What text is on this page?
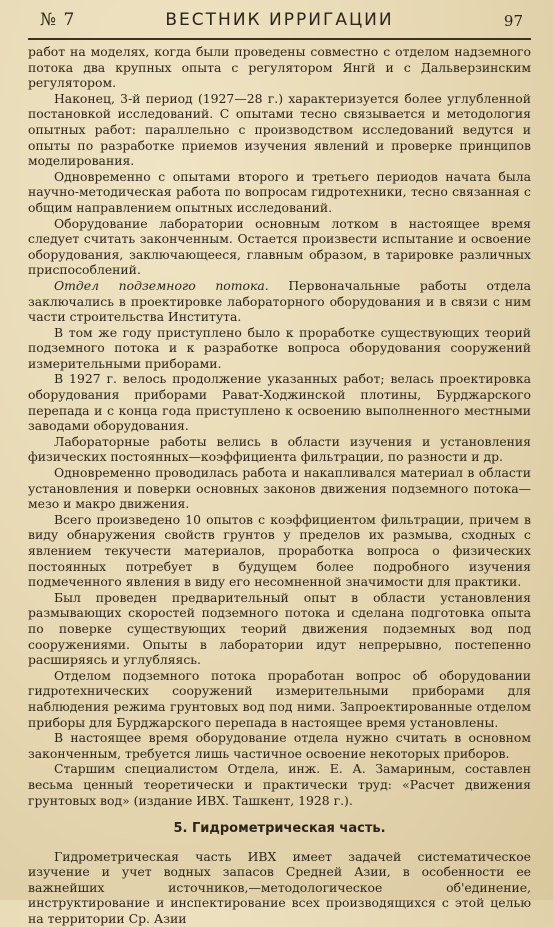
№ 7	ВЕСТНИК ИРРИГАЦИИ	97

работ на моделях, когда были проведены совместно с отделом надземного потока два крупных опыта с регулятором Янгй и с Дальверзинским регулятором.

Наконец, 3-й период (1927—28 г.) характеризуется более углубленной постановкой исследований. С опытами тесно связывается и методология опытных работ: параллельно с производством исследований ведутся и опыты по разработке приемов изучения явлений и проверке принципов моделирования.

Одновременно с опытами второго и третьего периодов начата была научно-методическая работа по вопросам гидротехники, тесно связанная с общим направлением опытных исследований.

Оборудование лаборатории основным лотком в настоящее время следует считать законченным. Остается произвести испытание и освоение оборудования, заключающееся, главным образом, в тарировке различных приспособлений.

Отдел подземного потока. Первоначальные работы отдела заключались в проектировке лабораторного оборудования и в связи с ним части строительства Института.

В том же году приступлено было к проработке существующих теорий подземного потока и к разработке вопроса оборудования сооружений измерительными приборами.

В 1927 г. велось продолжение указанных работ; велась проектировка оборудования приборами Рават-Ходжинской плотины, Бурджарского перепада и с конца года приступлено к освоению выполненного местными заводами оборудования.

Лабораторные работы велись в области изучения и установления физических постоянных—коэффициента фильтрации, по разности и др.

Одновременно проводилась работа и накапливался материал в области установления и поверки основных законов движения подземного потока—мезо и макро движения.

Всего произведено 10 опытов с коэффициентом фильтрации, причем в виду обнаружения свойств грунтов у пределов их размыва, сходных с явлением текучести материалов, проработка вопроса о физических постоянных потребует в будущем более подробного изучения подмеченного явления в виду его несомненной значимости для практики.

Был проведен предварительный опыт в области установления размывающих скоростей подземного потока и сделана подготовка опыта по поверке существующих теорий движения подземных вод под сооружениями. Опыты в лаборатории идут непрерывно, постепенно расширяясь и углубляясь.

Отделом подземного потока проработан вопрос об оборудовании гидротехнических сооружений измерительными приборами для наблюдения режима грунтовых вод под ними. Запроектированные отделом приборы для Бурджарского перепада в настоящее время установлены.

В настоящее время оборудование отдела нужно считать в основном законченным, требуется лишь частичное освоение некоторых приборов.

Старшим специалистом Отдела, инж. Е. А. Замариным, составлен весьма ценный теоретически и практически труд: «Расчет движения грунтовых вод» (издание ИВХ. Ташкент, 1928 г.).

5. Гидрометрическая часть.

Гидрометрическая часть ИВХ имеет задачей систематическое изучение и учет водных запасов Средней Азии, в особенности ее важнейших источников,—методологическое об'единение, инструктирование и инспектирование всех производящихся с этой целью на территории Ср. Азии
